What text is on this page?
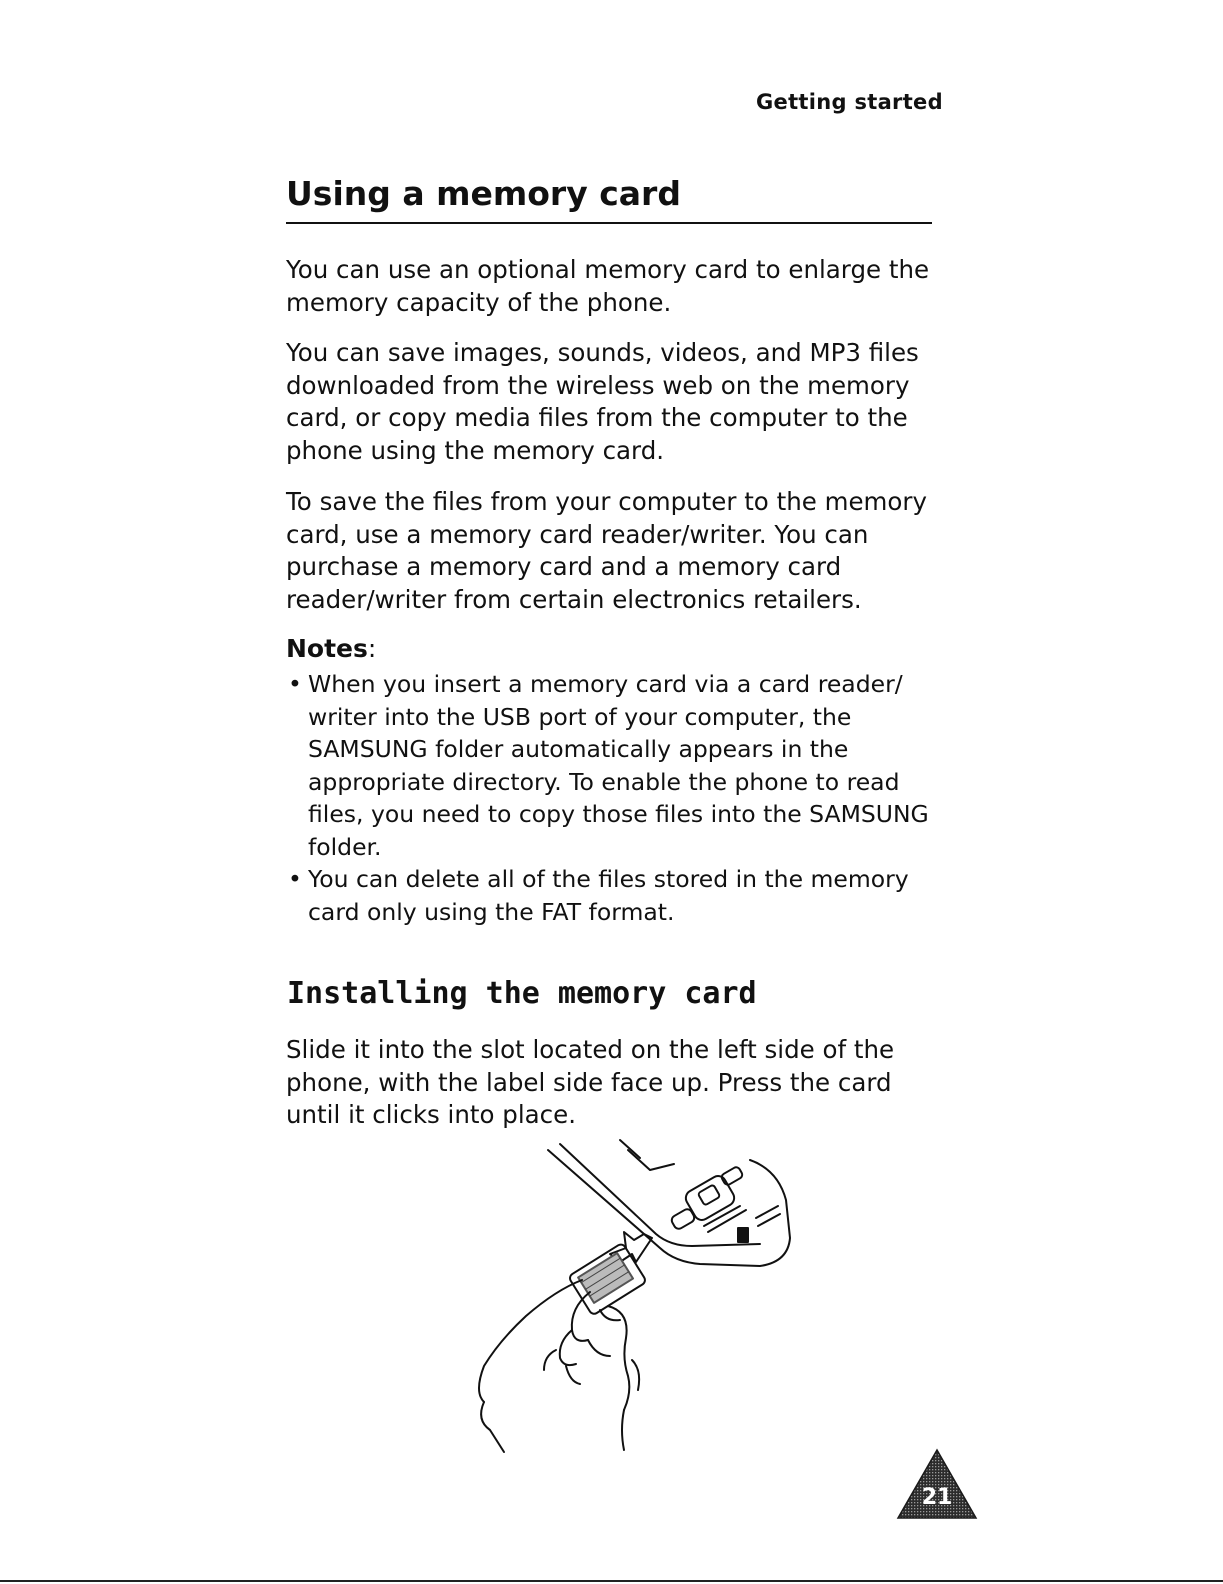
Getting started
Using a memory card

You can use an optional memory card to enlarge the memory capacity of the phone.

You can save images, sounds, videos, and MP3 files downloaded from the wireless web on the memory card, or copy media files from the computer to the phone using the memory card.

To save the files from your computer to the memory card, use a memory card reader/writer. You can purchase a memory card and a memory card reader/writer from certain electronics retailers.

Notes:
• When you insert a memory card via a card reader/ writer into the USB port of your computer, the SAMSUNG folder automatically appears in the appropriate directory. To enable the phone to read files, you need to copy those files into the SAMSUNG folder.
• You can delete all of the files stored in the memory card only using the FAT format.
Installing the memory card

Slide it into the slot located on the left side of the phone, with the label side face up. Press the card until it clicks into place.

21
